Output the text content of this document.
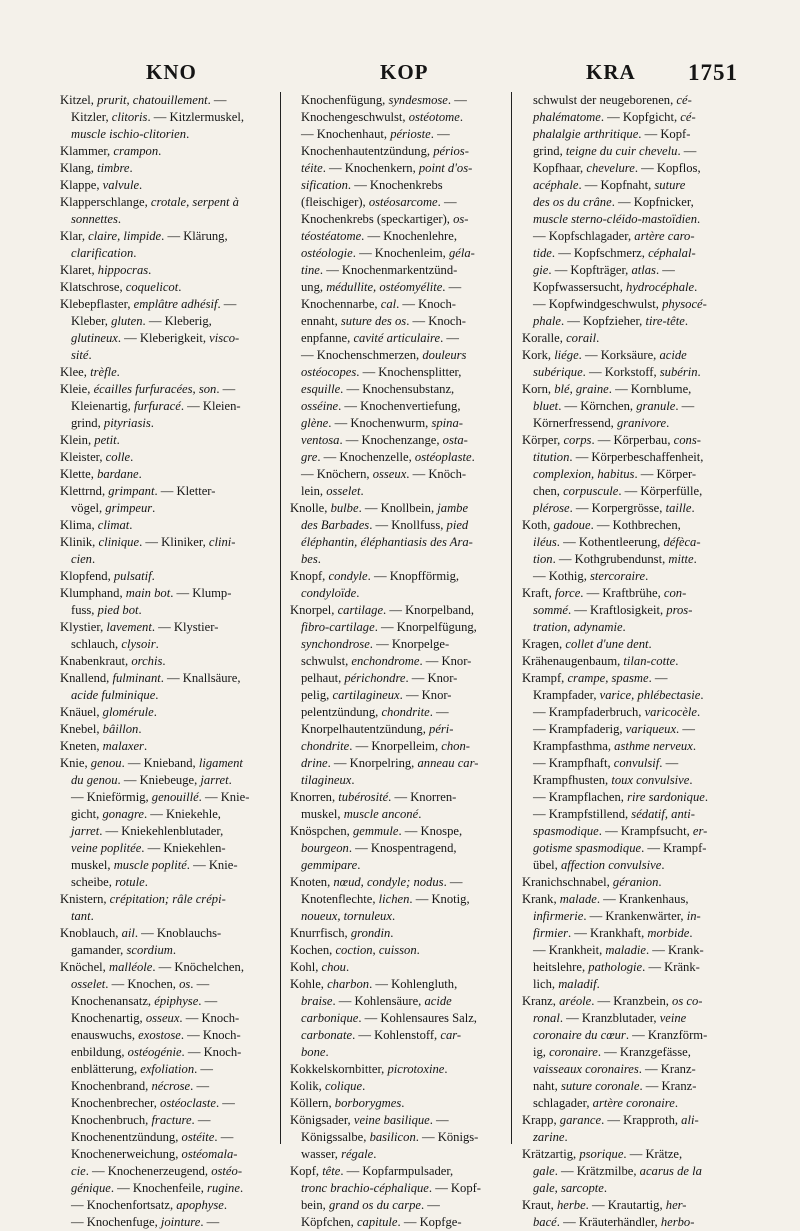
KNO	KOP	KRA 1751
Kitzel, prurit, chatouillement. —
Kitzler, clitoris. — Kitzlermuskel,
muscle ischio-clitorien.
Klammer, crampon.
Klang, timbre.
Klappe, valvule.
Klapperschlange, crotale, serpent à
sonnettes.
Klar, claire, limpide. — Klärung,
clarification.
Klaret, hippocras.
Klatschrose, coquelicot.
Klebepflaster, emplâtre adhésif. —
Kleber, gluten. — Kleberig,
glutineux. — Kleberigkeit, visco-
sité.
Klee, trèfle.
Kleie, écailles furfuracées, son. —
Kleienartig, furfuracé. — Kleien-
grind, pityriasis.
Klein, petit.
Kleister, colle.
Klette, bardane.
Klettrnd, grimpant. — Kletter-
vögel, grimpeur.
Klima, climat.
Klinik, clinique. — Kliniker, clini-
cien.
Klopfend, pulsatif.
Klumphand, main bot. — Klump-
fuss, pied bot.
Klystier, lavement. — Klystier-
schlauch, clysoir.
Knabenkraut, orchis.
Knallend, fulminant. — Knallsäure,
acide fulminique.
Knäuel, glomérule.
Knebel, bâillon.
Kneten, malaxer.
Knie, genou. — Knieband, ligament
du genou. — Kniebeuge, jarret.
— Knieförmig, genouillé. — Knie-
gicht, gonagre. — Kniekehle,
jarret. — Kniekehlenblutader,
veine poplitée. — Kniekehlen-
muskel, muscle poplité. — Knie-
scheibe, rotule.
Knistern, crépitation; râle crépi-
tant.
Knoblauch, ail. — Knoblauchs-
gamander, scordium.
Knöchel, malléole. — Knöchelchen,
osselet. — Knochen, os. —
Knochenansatz, épiphyse. —
Knochenartig, osseux. — Knoch-
enauswuchs, exostose. — Knoch-
enbildung, ostéogénie. — Knoch-
enblätterung, exfoliation. —
Knochenbrand, nécrose. —
Knochenbrecher, ostéoclaste. —
Knochenbruch, fracture. —
Knochenentzündung, ostéite. —
Knochenerweichung, ostéomala-
cie. — Knochenerzeugend, ostéo-
génique. — Knochenfeile, rugine.
— Knochenfortsatz, apophyse.
— Knochenfuge, jointure. —
Knochenfügung, syndesmose. —
Knochengeschwulst, ostéotome.
— Knochenhaut, périoste. —
Knochenhautentzündung, périos-
téite. — Knochenkern, point d'os-
sification. — Knochenkrebs
(fleischiger), ostéosarcome. —
Knochenkrebs (speckartiger), os-
téostéatome. — Knochenlehre,
ostéologie. — Knochenleim, géla-
tine. — Knochenmarkentzünd-
ung, médullite, ostéomyélite. —
Knochennarbe, cal. — Knoch-
ennaht, suture des os. — Knoch-
enpfanne, cavité articulaire. —
— Knochenschmerzen, douleurs
ostéocopes. — Knochensplitter,
esquille. — Knochensubstanz,
osséine. — Knochenvertiefung,
glène. — Knochenwurm, spina-
ventosa. — Knochenzange, osta-
gre. — Knochenzelle, ostéoplaste.
— Knöchern, osseux. — Knöch-
lein, osselet.
Knolle, bulbe. — Knollbein, jambe
des Barbades. — Knollfuss, pied
éléphantin, éléphantiasis des Ara-
bes.
Knopf, condyle. — Knopfförmig,
condyloïde.
Knorpel, cartilage. — Knorpelband,
fibro-cartilage. — Knorpelfügung,
synchondrose. — Knorpelge-
schwulst, enchondrome. — Knor-
pelhaut, périchondre. — Knor-
pelig, cartilagineux. — Knor-
pelentzündung, chondrite. —
Knorpelhautentzündung, péri-
chondrite. — Knorpelleim, chon-
drine. — Knorpelring, anneau car-
tilagineux.
Knorren, tubérosité. — Knorren-
muskel, muscle anconé.
Knöspchen, gemmule. — Knospe,
bourgeon. — Knospentragend,
gemmipare.
Knoten, nœud, condyle; nodus. —
Knotenflechte, lichen. — Knotig,
noueux, tornuleux.
Knurrfisch, grondin.
Kochen, coction, cuisson.
Kohl, chou.
Kohle, charbon. — Kohlengluth,
braise. — Kohlensäure, acide
carbonique. — Kohlensaures Salz,
carbonate. — Kohlenstoff, car-
bone.
Kokkelskornbitter, picrotoxine.
Kolik, colique.
Köllern, borborygmes.
Königsader, veine basilique. —
Königssalbe, basilicon. — Königs-
wasser, régale.
Kopf, tête. — Kopfarmpulsader,
tronc brachio-céphalique. — Kopf-
bein, grand os du carpe. —
Köpfchen, capitule. — Kopfge-
schwulst der neugeborenen, cé-
phalématome. — Kopfgicht, cé-
phalalgie arthritique. — Kopf-
grind, teigne du cuir chevelu. —
Kopfhaar, chevelure. — Kopflos,
acéphale. — Kopfnaht, suture
des os du crâne. — Kopfnicker,
muscle sterno-cléido-mastoïdien.
— Kopfschlagader, artère caro-
tide. — Kopfschmerz, céphalal-
gie. — Kopfträger, atlas. —
Kopfwassersucht, hydrocéphale.
— Kopfwindgeschwulst, physocé-
phale. — Kopfzieher, tire-tête.
Koralle, corail.
Kork, liége. — Korksäure, acide
subérique. — Korkstoff, subérin.
Korn, blé, graine. — Kornblume,
bluet. — Körnchen, granule. —
Körnerfressend, granivore.
Körper, corps. — Körperbau, cons-
titution. — Körperbeschaffenheit,
complexion, habitus. — Körper-
chen, corpuscule. — Körperfülle,
plérose. — Korpergrösse, taille.
Koth, gadoue. — Kothbrechen,
iléus. — Kothentleerung, défèca-
tion. — Kothgrubendunst, mitte.
— Kothig, stercoraire.
Kraft, force. — Kraftbrühe, con-
sommé. — Kraftlosigkeit, pros-
tration, adynamie.
Kragen, collet d'une dent.
Krähenaugenbaum, tilan-cotte.
Krampf, crampe, spasme. —
Krampfader, varice, phlébectasie.
— Krampfaderbruch, varicocèle.
— Krampfaderig, variqueux. —
Krampfasthma, asthme nerveux.
— Krampfhaft, convulsif. —
Krampfhusten, toux convulsive.
— Krampflachen, rire sardonique.
— Krampfstillend, sédatif, anti-
spasmodique. — Krampfsucht, er-
gotisme spasmodique. — Krampf-
übel, affection convulsive.
Kranichschnabel, géranion.
Krank, malade. — Krankenhaus,
infirmerie. — Krankenwärter, in-
firmier. — Krankhaft, morbide.
— Krankheit, maladie. — Krank-
heitslehre, pathologie. — Kränk-
lich, maladif.
Kranz, aréole. — Kranzbein, os co-
ronal. — Kranzblutader, veine
coronaire du cœur. — Kranzförm-
ig, coronaire. — Kranzgefässe,
vaisseaux coronaires. — Kranz-
naht, suture coronale. — Kranz-
schlagader, artère coronaire.
Krapp, garance. — Krapproth, ali-
zarine.
Krätzartig, psorique. — Krätze,
gale. — Krätzmilbe, acarus de la
gale, sarcopte.
Kraut, herbe. — Krautartig, her-
bacé. — Kräuterhändler, herbo-
